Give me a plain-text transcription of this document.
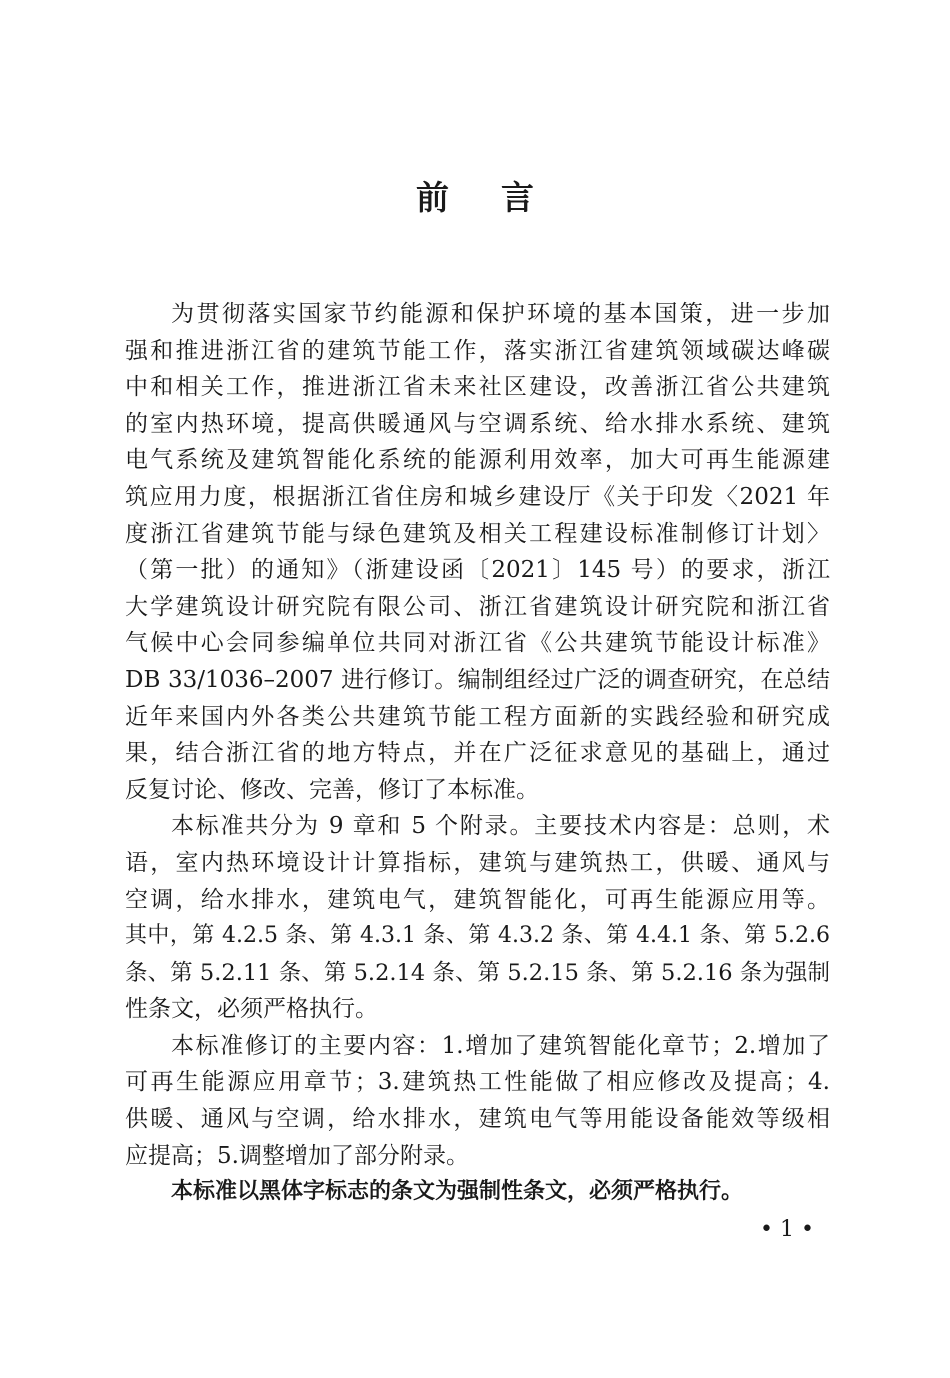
前 言
为贯彻落实国家节约能源和保护环境的基本国策，进一步加
强和推进浙江省的建筑节能工作，落实浙江省建筑领域碳达峰碳
中和相关工作，推进浙江省未来社区建设，改善浙江省公共建筑
的室内热环境，提高供暖通风与空调系统、给水排水系统、建筑
电气系统及建筑智能化系统的能源利用效率，加大可再生能源建
筑应用力度，根据浙江省住房和城乡建设厅《关于印发〈2021 年
度浙江省建筑节能与绿色建筑及相关工程建设标准制修订计划〉
（第一批）的通知》（浙建设函〔2021〕145 号）的要求，浙江
大学建筑设计研究院有限公司、浙江省建筑设计研究院和浙江省
气候中心会同参编单位共同对浙江省《公共建筑节能设计标准》
DB 33/1036–2007 进行修订。编制组经过广泛的调查研究，在总结
近年来国内外各类公共建筑节能工程方面新的实践经验和研究成
果，结合浙江省的地方特点，并在广泛征求意见的基础上，通过
反复讨论、修改、完善，修订了本标准。
本标准共分为 9 章和 5 个附录。主要技术内容是：总则，术
语，室内热环境设计计算指标，建筑与建筑热工，供暖、通风与
空调，给水排水，建筑电气，建筑智能化，可再生能源应用等。
其中，第 4.2.5 条、第 4.3.1 条、第 4.3.2 条、第 4.4.1 条、第 5.2.6
条、第 5.2.11 条、第 5.2.14 条、第 5.2.15 条、第 5.2.16 条为强制
性条文，必须严格执行。
本标准修订的主要内容：1.增加了建筑智能化章节；2.增加了
可再生能源应用章节；3.建筑热工性能做了相应修改及提高；4.
供暖、通风与空调，给水排水，建筑电气等用能设备能效等级相
应提高；5.调整增加了部分附录。
本标准以黑体字标志的条文为强制性条文，必须严格执行。
• 1 •
